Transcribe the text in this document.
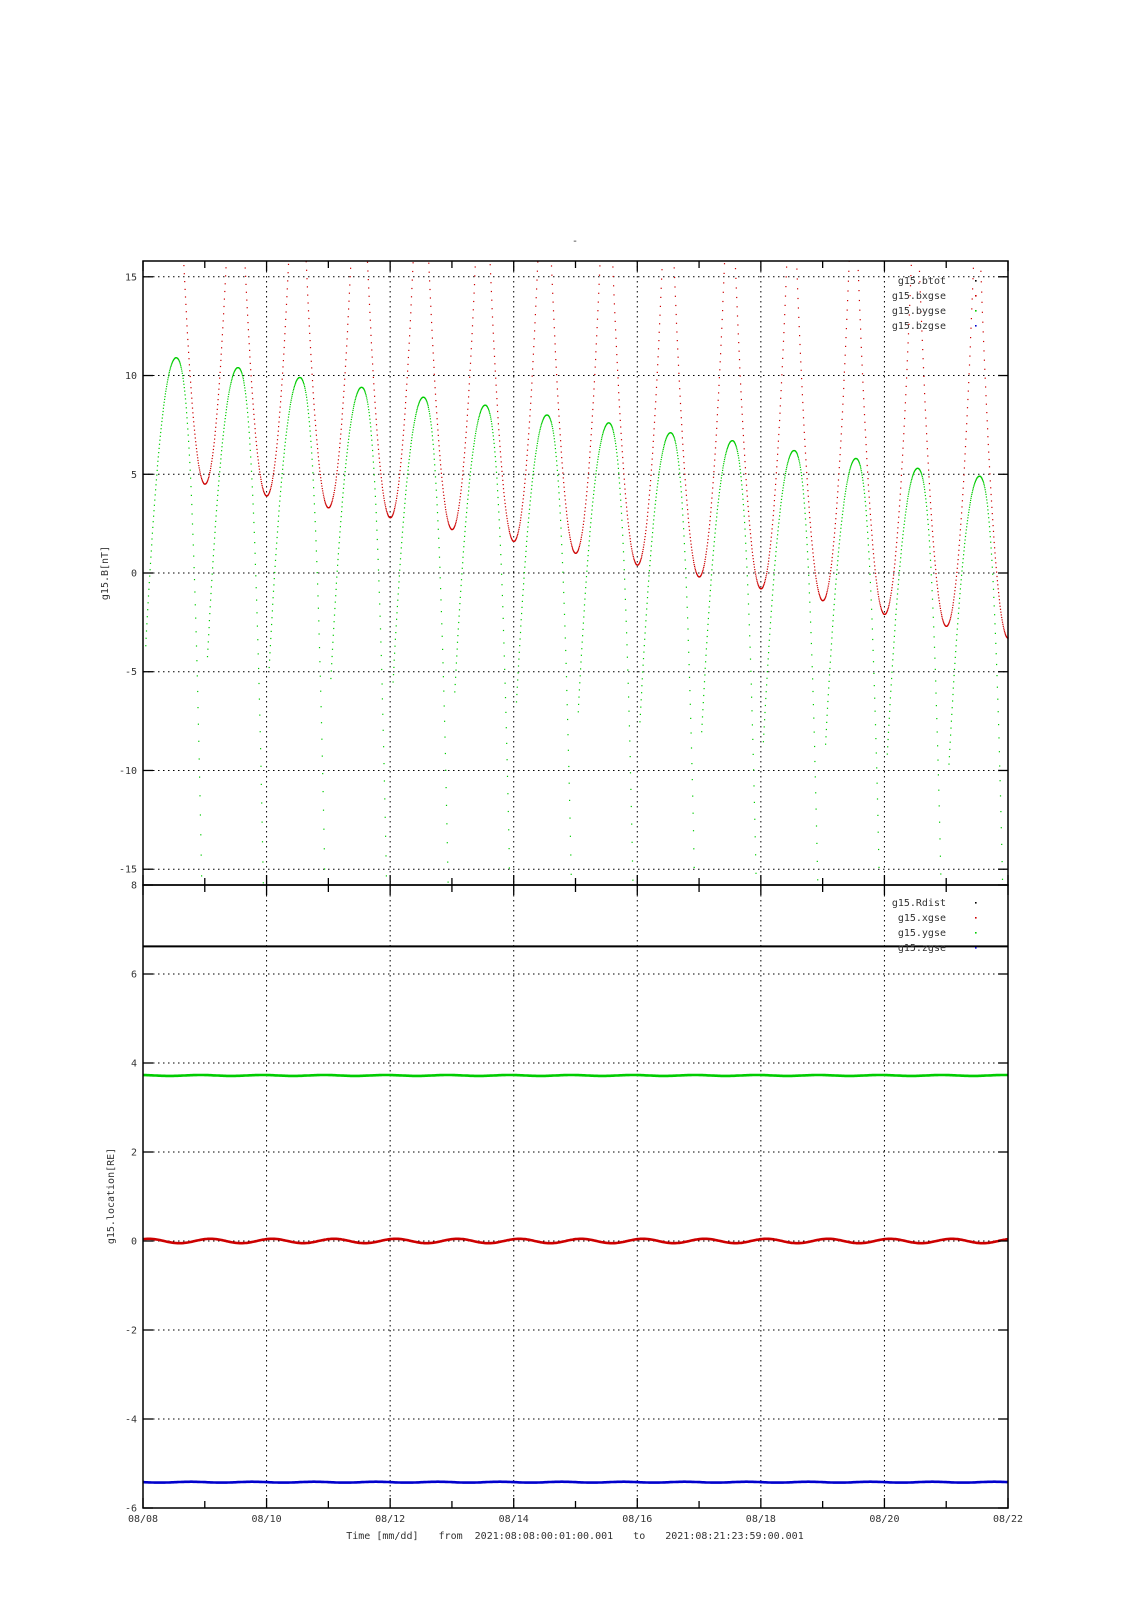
-
15
10
5
0
-5
-10
-15
g15.btot
g15.bxgse
g15.bygse
g15.bzgse
g15.B[nT]
8
6
4
2
0
-2
-4
-6
g15.Rdist
g15.xgse
g15.ygse
g15.zgse
g15.location[RE]
08/08	08/10	08/12	08/14	08/16	08/18	08/20	08/22
Time [mm/dd] from 2021:08:08:00:01:00.001 to 2021:08:21:23:59:00.001
